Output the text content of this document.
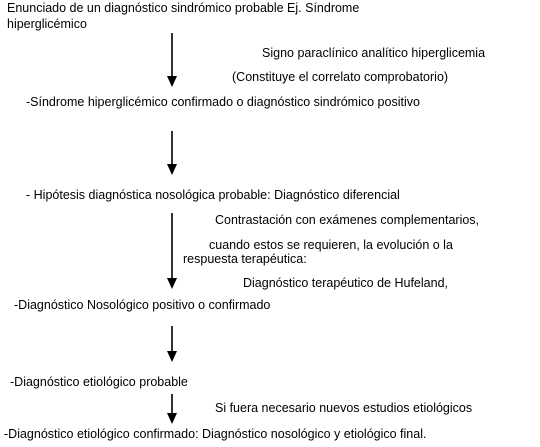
Enunciado de un diagnóstico sindrómico probable Ej. Síndrome
hiperglicémico
Signo paraclínico analítico hiperglicemia
(Constituye el correlato comprobatorio)
-Síndrome hiperglicémico confirmado o diagnóstico sindrómico positivo
- Hipótesis diagnóstica nosológica probable: Diagnóstico diferencial
Contrastación con exámenes complementarios,
cuando estos se requieren, la evolución o la
respuesta terapéutica:
Diagnóstico terapéutico de Hufeland,
-Diagnóstico Nosológico positivo o confirmado
-Diagnóstico etiológico probable
Si fuera necesario nuevos estudios etiológicos
-Diagnóstico etiológico confirmado: Diagnóstico nosológico y etiológico final.
